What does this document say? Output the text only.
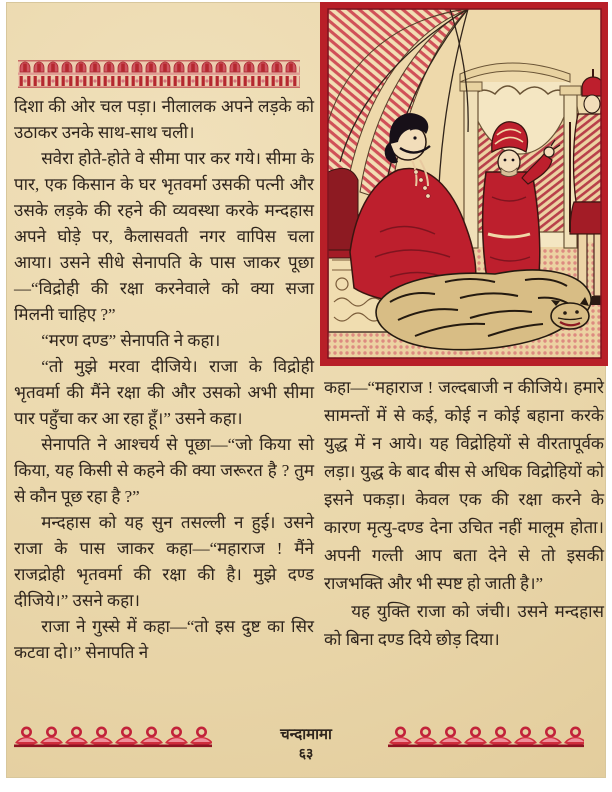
दिशा की ओर चल पड़ा। नीलालक अपने लड़के को उठाकर उनके साथ-साथ चली।

सवेरा होते-होते वे सीमा पार कर गये। सीमा के पार, एक किसान के घर भृतवर्मा उसकी पत्नी और उसके लड़के की रहने की व्यवस्था करके मन्दहास अपने घोड़े पर, कैलासवती नगर वापिस चला आया। उसने सीधे सेनापति के पास जाकर पूछा—“विद्रोही की रक्षा करनेवाले को क्या सजा मिलनी चाहिए ?”

“मरण दण्ड” सेनापति ने कहा।

“तो मुझे मरवा दीजिये। राजा के विद्रोही भृतवर्मा की मैंने रक्षा की और उसको अभी सीमा पार पहुँचा कर आ रहा हूँ।” उसने कहा।

सेनापति ने आश्चर्य से पूछा—“जो किया सो किया, यह किसी से कहने की क्या जरूरत है ? तुम से कौन पूछ रहा है ?”

मन्दहास को यह सुन तसल्ली न हुई। उसने राजा के पास जाकर कहा—“महाराज ! मैंने राजद्रोही भृतवर्मा की रक्षा की है। मुझे दण्ड दीजिये।” उसने कहा।

राजा ने गुस्से में कहा—“तो इस दुष्ट का सिर कटवा दो।” सेनापति ने

कहा—“महाराज ! जल्दबाजी न कीजिये। हमारे सामन्तों में से कई, कोई न कोई बहाना करके युद्ध में न आये। यह विद्रोहियों से वीरतापूर्वक लड़ा। युद्ध के बाद बीस से अधिक विद्रोहियों को इसने पकड़ा। केवल एक की रक्षा करने के कारण मृत्यु-दण्ड देना उचित नहीं मालूम होता। अपनी गल्ती आप बता देने से तो इसकी राजभक्ति और भी स्पष्ट हो जाती है।”

यह युक्ति राजा को जंची। उसने मन्दहास को बिना दण्ड दिये छोड़ दिया।

चन्दामामा
६३
